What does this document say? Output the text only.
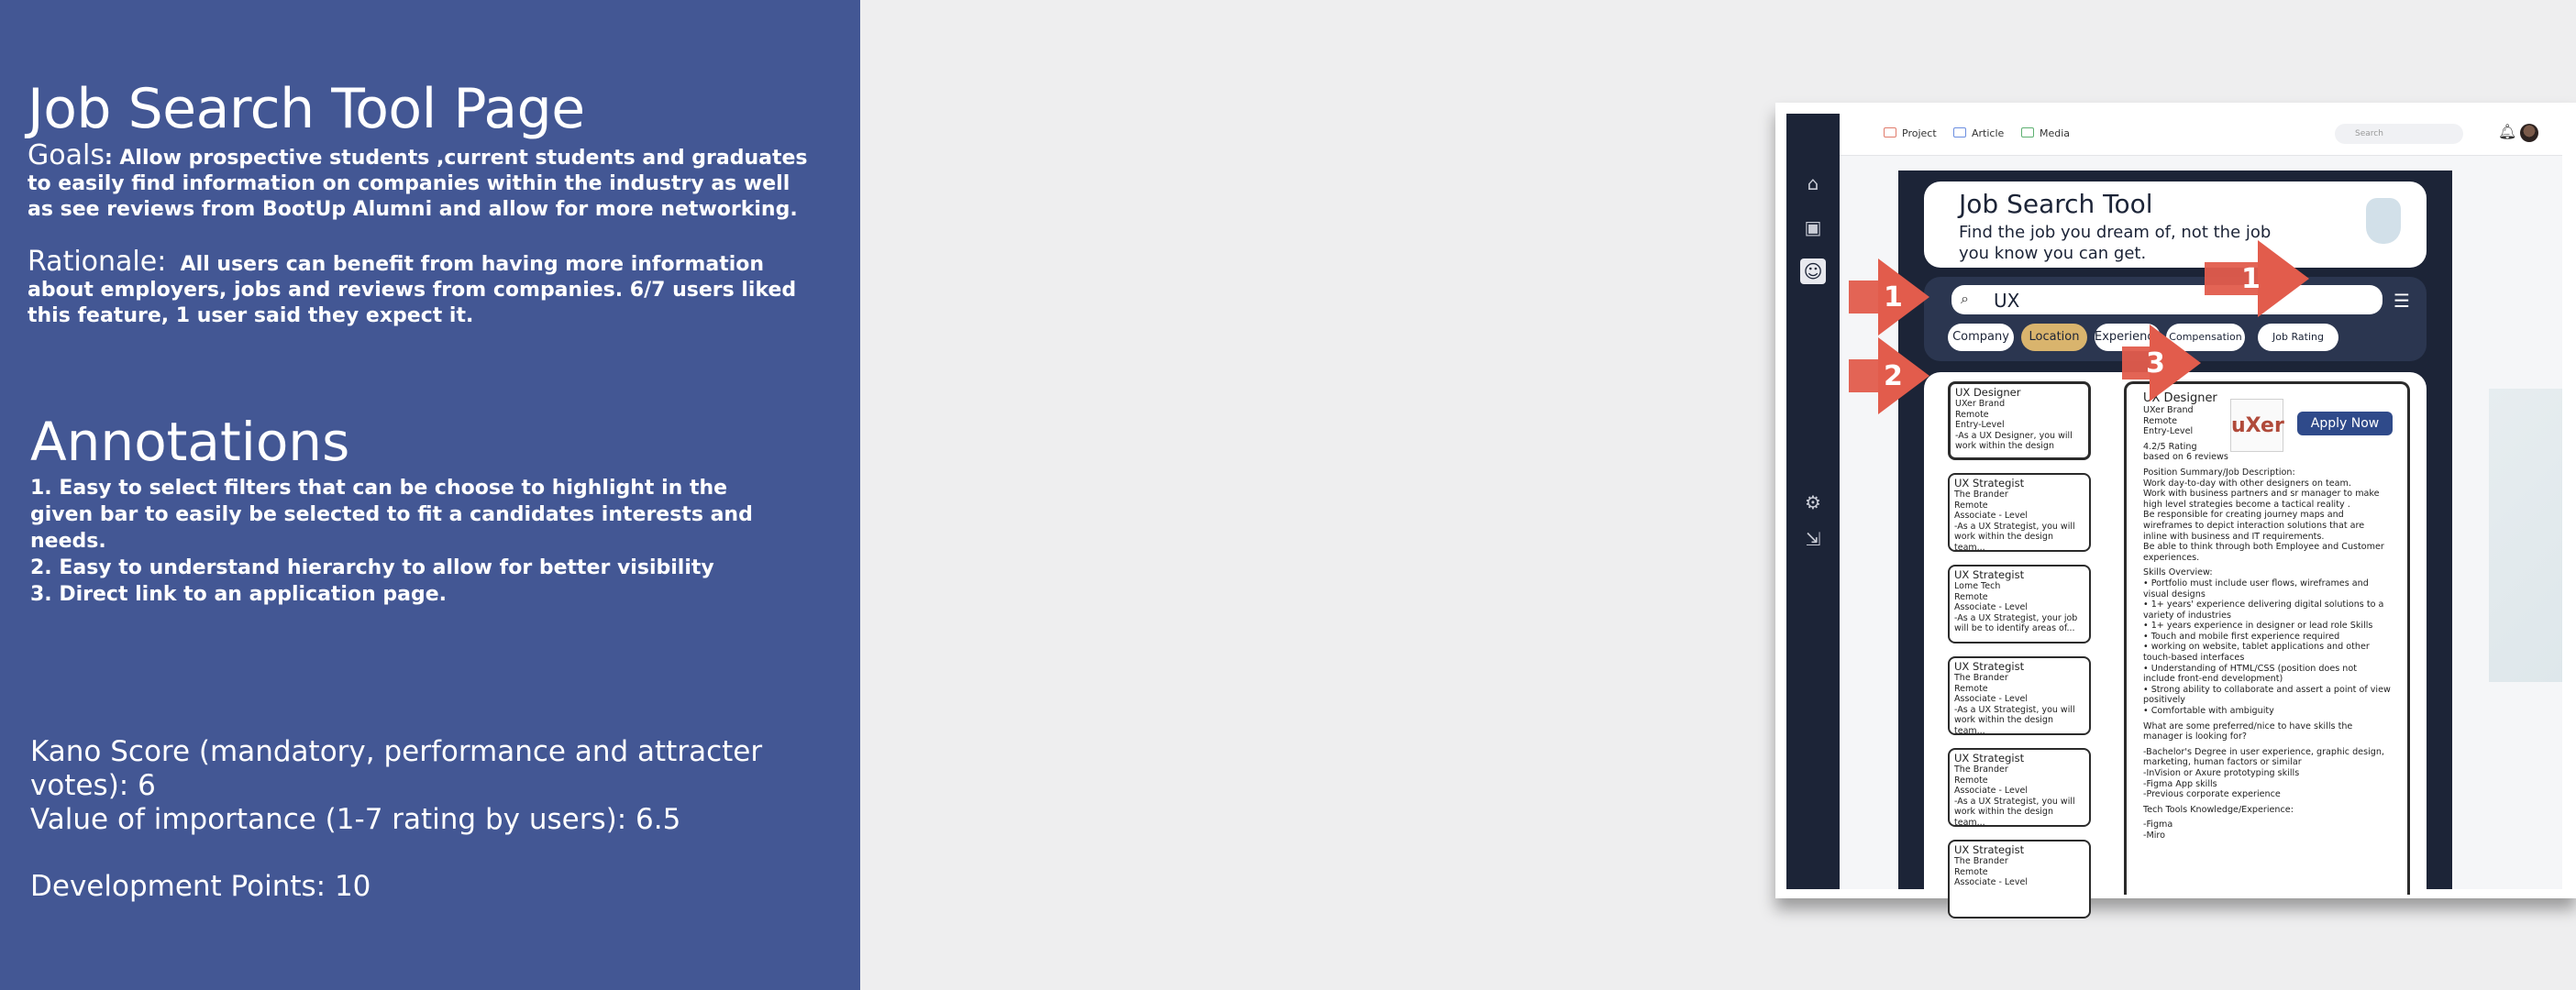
Job Search Tool Page
Goals: Allow prospective students ,current students and graduates to easily find information on companies within the industry as well as see reviews from BootUp Alumni and allow for more networking.
Rationale: All users can benefit from having more information about employers, jobs and reviews from companies. 6/7 users liked this feature, 1 user said they expect it.
Annotations
1. Easy to select filters that can be choose to highlight in the given bar to easily be selected to fit a candidates interests and needs.
2. Easy to understand hierarchy to allow for better visibility
3. Direct link to an application page.
Kano Score (mandatory, performance and attracter votes): 6
Value of importance (1-7 rating by users): 6.5
Development Points: 10
⌂
▣
☺
⚙
⇲
Project	Article	Media	Search	🔔︎
Job Search Tool
Find the job you dream of, not the job you know you can get.
⌕ UX	☰
Company	Location	Experience Compensation	Job Rating
UX Designer
UXer Brand
Remote
Entry-Level
-As a UX Designer, you will work within the design
UX Strategist
The Brander
Remote
Associate - Level
-As a UX Strategist, you will work within the design team...
UX Strategist
Lome Tech
Remote
Associate - Level
-As a UX Strategist, your job will be to identify areas of...
UX Strategist
The Brander
Remote
Associate - Level
-As a UX Strategist, you will work within the design team...
UX Strategist
The Brander
Remote
Associate - Level
-As a UX Strategist, you will work within the design team...
UX Strategist
The Brander
Remote
Associate - Level
UX Designer
UXer Brand
Remote
Entry-Level

4.2/5 Rating
based on 6 reviews

uXer	Apply Now

Position Summary/Job Description:

Work day-to-day with other designers on team.
Work with business partners and sr manager to make high level strategies become a tactical reality .
Be responsible for creating journey maps and wireframes to depict interaction solutions that are inline with business and IT requirements.
Be able to think through both Employee and Customer experiences.

Skills Overview:

• Portfolio must include user flows, wireframes and visual designs
• 1+ years' experience delivering digital solutions to a variety of industries
• 1+ years experience in designer or lead role Skills
• Touch and mobile first experience required
• working on website, tablet applications and other touch-based interfaces
• Understanding of HTML/CSS (position does not include front-end development)
• Strong ability to collaborate and assert a point of view positively
• Comfortable with ambiguity

What are some preferred/nice to have skills the manager is looking for?

-Bachelor's Degree in user experience, graphic design, marketing, human factors or similar
-InVision or Axure prototyping skills
-Figma App skills
-Previous corporate experience

Tech Tools Knowledge/Experience:

-Figma
-Miro
1
1
2	3
